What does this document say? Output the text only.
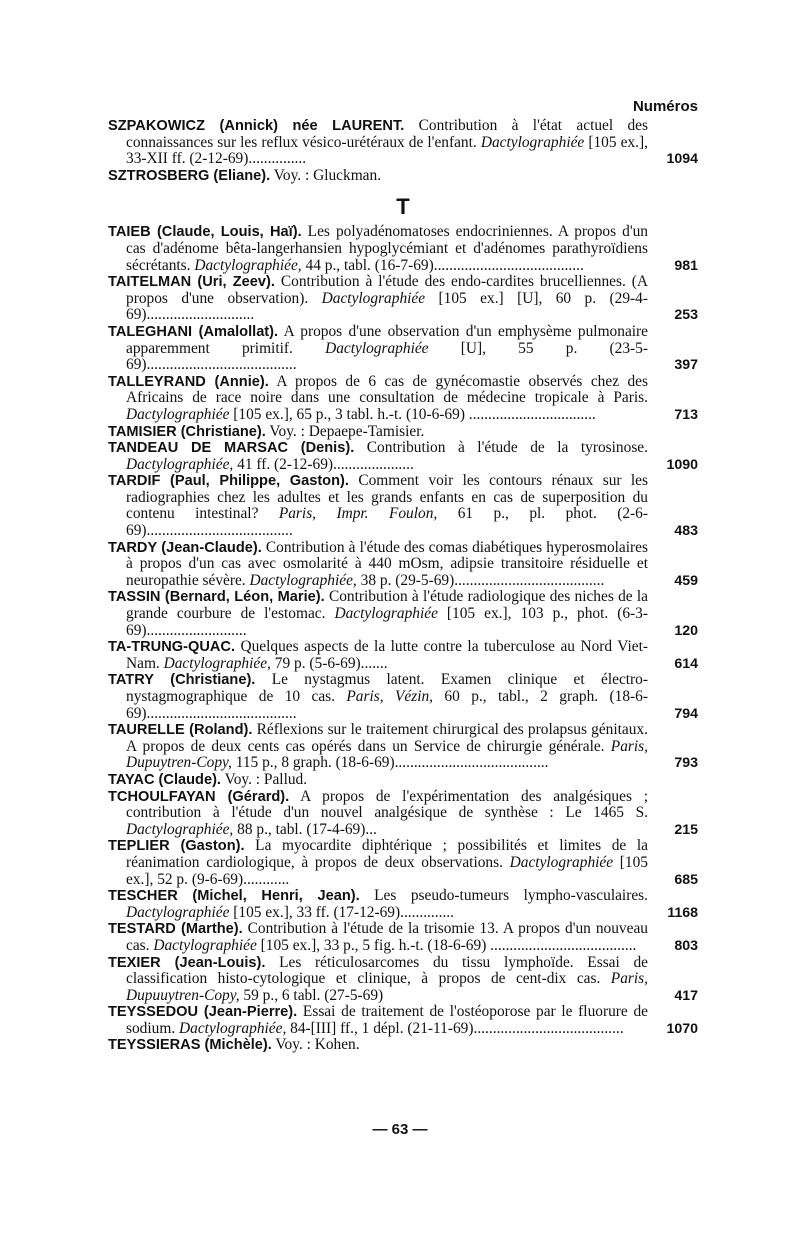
Numéros
SZPAKOWICZ (Annick) née LAURENT. Contribution à l'état actuel des connaissances sur les reflux vésico-urétéraux de l'enfant. Dactylographiée [105 ex.], 33-XII ff. (2-12-69)...............	1094
SZTROSBERG (Eliane). Voy. : Gluckman.
T
TAIEB (Claude, Louis, Haï). Les polyadénomatoses endocriniennes. A propos d'un cas d'adénome bêta-langerhansien hypoglycémiant et d'adénomes parathyroïdiens sécrétants. Dactylographiée, 44 p., tabl. (16-7-69).......................................	981
TAITELMAN (Uri, Zeev). Contribution à l'étude des endo-cardites brucelliennes. (A propos d'une observation). Dactylographiée [105 ex.] [U], 60 p. (29-4-69)............................	253
TALEGHANI (Amalollat). A propos d'une observation d'un emphysème pulmonaire apparemment primitif. Dactylographiée [U], 55 p. (23-5-69).......................................	397
TALLEYRAND (Annie). A propos de 6 cas de gynécomastie observés chez des Africains de race noire dans une consultation de médecine tropicale à Paris. Dactylographiée [105 ex.], 65 p., 3 tabl. h.-t. (10-6-69) .................................	713
TAMISIER (Christiane). Voy. : Depaepe-Tamisier.
TANDEAU DE MARSAC (Denis). Contribution à l'étude de la tyrosinose. Dactylographiée, 41 ff. (2-12-69).....................	1090
TARDIF (Paul, Philippe, Gaston). Comment voir les contours rénaux sur les radiographies chez les adultes et les grands enfants en cas de superposition du contenu intestinal? Paris, Impr. Foulon, 61 p., pl. phot. (2-6-69)......................................	483
TARDY (Jean-Claude). Contribution à l'étude des comas diabétiques hyperosmolaires à propos d'un cas avec osmolarité à 440 mOsm, adipsie transitoire résiduelle et neuropathie sévère. Dactylographiée, 38 p. (29-5-69).......................................	459
TASSIN (Bernard, Léon, Marie). Contribution à l'étude radiologique des niches de la grande courbure de l'estomac. Dactylographiée [105 ex.], 103 p., phot. (6-3-69)..........................	120
TA-TRUNG-QUAC. Quelques aspects de la lutte contre la tuberculose au Nord Viet-Nam. Dactylographiée, 79 p. (5-6-69).......	614
TATRY (Christiane). Le nystagmus latent. Examen clinique et électro-nystagmographique de 10 cas. Paris, Vézin, 60 p., tabl., 2 graph. (18-6-69).......................................	794
TAURELLE (Roland). Réflexions sur le traitement chirurgical des prolapsus génitaux. A propos de deux cents cas opérés dans un Service de chirurgie générale. Paris, Dupuytren-Copy, 115 p., 8 graph. (18-6-69)........................................	793
TAYAC (Claude). Voy. : Pallud.
TCHOULFAYAN (Gérard). A propos de l'expérimentation des analgésiques ; contribution à l'étude d'un nouvel analgésique de synthèse : Le 1465 S. Dactylographiée, 88 p., tabl. (17-4-69)...	215
TEPLIER (Gaston). La myocardite diphtérique ; possibilités et limites de la réanimation cardiologique, à propos de deux observations. Dactylographiée [105 ex.], 52 p. (9-6-69)............	685
TESCHER (Michel, Henri, Jean). Les pseudo-tumeurs lympho-vasculaires. Dactylographiée [105 ex.], 33 ff. (17-12-69)..............	1168
TESTARD (Marthe). Contribution à l'étude de la trisomie 13. A propos d'un nouveau cas. Dactylographiée [105 ex.], 33 p., 5 fig. h.-t. (18-6-69) ......................................	803
TEXIER (Jean-Louis). Les réticulosarcomes du tissu lymphoïde. Essai de classification histo-cytologique et clinique, à propos de cent-dix cas. Paris, Dupuuytren-Copy, 59 p., 6 tabl. (27-5-69)	417
TEYSSEDOU (Jean-Pierre). Essai de traitement de l'ostéoporose par le fluorure de sodium. Dactylographiée, 84-[III] ff., 1 dépl. (21-11-69).......................................	1070
TEYSSIERAS (Michèle). Voy. : Kohen.
— 63 —
